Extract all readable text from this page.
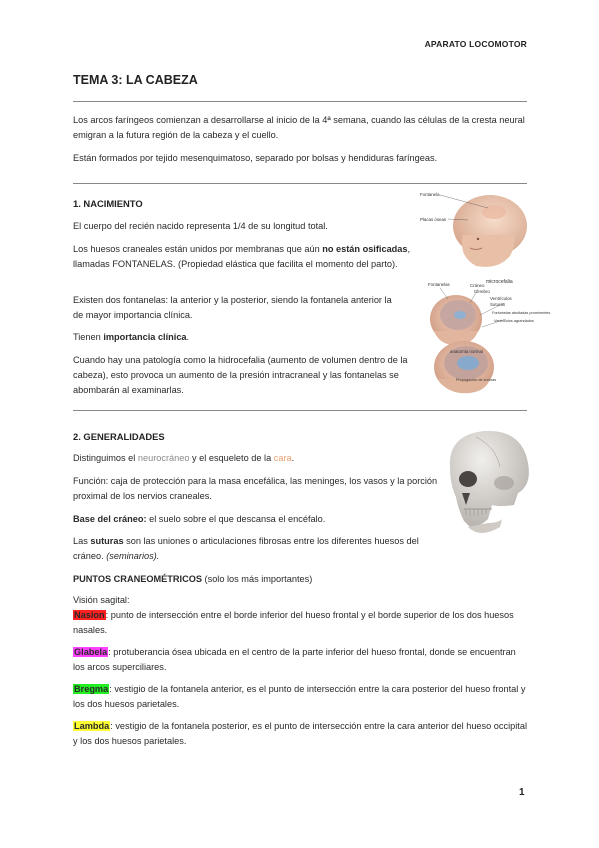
APARATO LOCOMOTOR
TEMA 3: LA CABEZA
Los arcos faríngeos comienzan a desarrollarse al inicio de la 4ª semana, cuando las células de la cresta neural emigran a la futura región de la cabeza y el cuello.
Están formados por tejido mesenquimatoso, separado por bolsas y hendiduras faríngeas.
1. NACIMIENTO
El cuerpo del recién nacido representa 1/4 de su longitud total.
Los huesos craneales están unidos por membranas que aún no están osificadas, llamadas FONTANELAS. (Propiedad elástica que facilita el momento del parto).
Existen dos fontanelas: la anterior y la posterior, siendo la fontanela anterior la de mayor importancia clínica.
Tienen importancia clínica.
Cuando hay una patología como la hidrocefalia (aumento de volumen dentro de la cabeza), esto provoca un aumento de la presión intracraneal y las fontanelas se abombarán al examinarlas.
Fontanela
Placas óseas
microcefalia
Fontanelas	Cráneo
Cerebro
Ventrículos
Suturas
Fontanelas abultadas prominentes
Ventrículos agrandados
anatomía normal
Propagación de suturas
2. GENERALIDADES
Distinguimos el neurocráneo y el esqueleto de la cara.
Función: caja de protección para la masa encefálica, las meninges, los vasos y la porción proximal de los nervios craneales.
Base del cráneo: el suelo sobre el que descansa el encéfalo.
Las suturas son las uniones o articulaciones fibrosas entre los diferentes huesos del cráneo. (seminarios).
PUNTOS CRANEOMÉTRICOS (solo los más importantes)
Visión sagital:
Nasion: punto de intersección entre el borde inferior del hueso frontal y el borde superior de los dos huesos nasales.
Glabela: protuberancia ósea ubicada en el centro de la parte inferior del hueso frontal, donde se encuentran los arcos superciliares.
Bregma: vestigio de la fontanela anterior, es el punto de intersección entre la cara posterior del hueso frontal y los dos huesos parietales.
Lambda: vestigio de la fontanela posterior, es el punto de intersección entre la cara anterior del hueso occipital y los dos huesos parietales.
1
